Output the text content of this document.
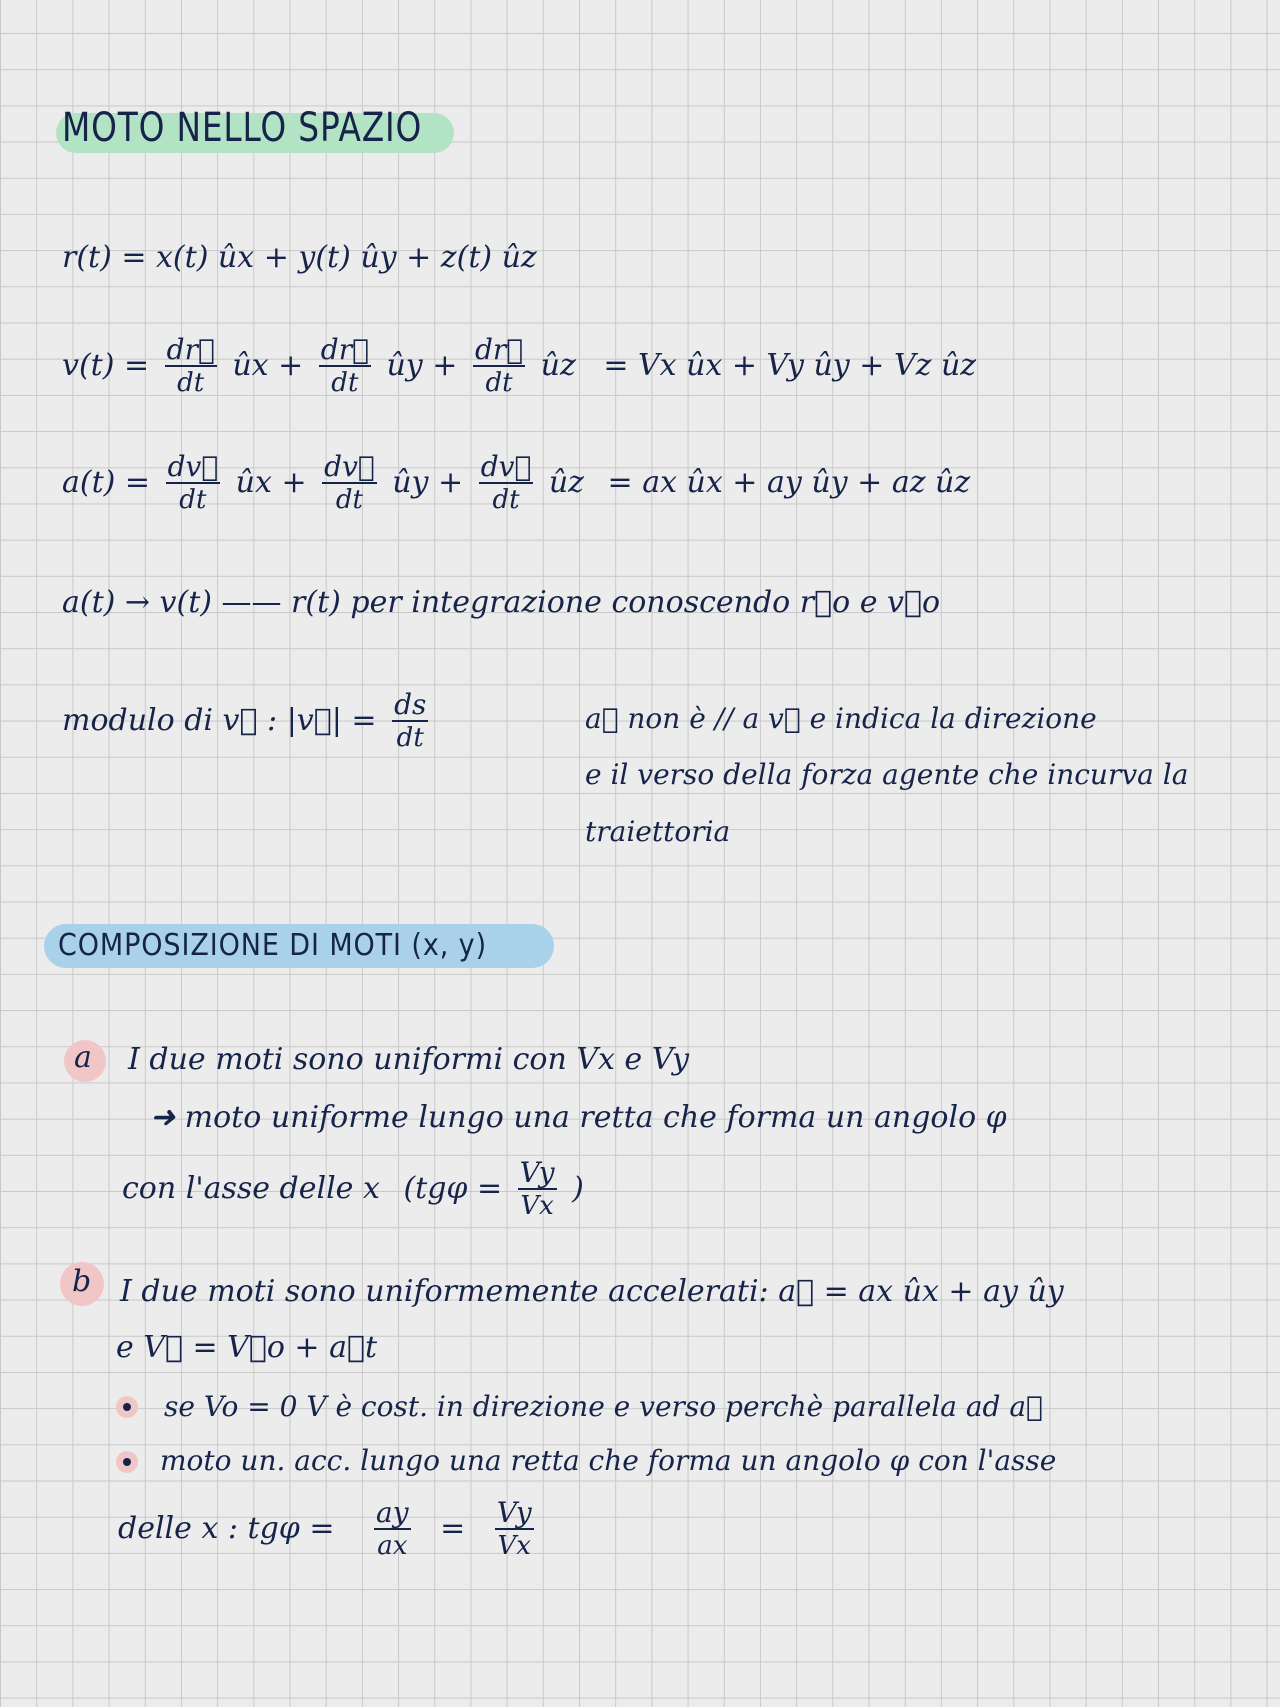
MOTO NELLO SPAZIO
r(t) = x(t) ûx + y(t) ûy + z(t) ûz
$v(t) = \frac{dr⃗}{dt}$ ûx + $\frac{dr⃗}{dt}$ ûy + $\frac{dr⃗}{dt}$ ûz = Vx ûx + Vy ûy + Vz ûz
$a(t) = \frac{dv⃗}{dt}$ ûx + $\frac{dv⃗}{dt}$ ûy + $\frac{dv⃗}{dt}$ ûz = ax ûx + ay ûy + az ûz
a(t) → v(t) —— r(t) per integrazione conoscendo r⃗o e v⃗o
modulo di v⃗ : |v⃗| = $\frac{ds}{dt}$	a⃗ non è // a v⃗ e indica la direzione
e il verso della forza agente che incurva la
traiettoria
COMPOSIZIONE DI MOTI (x, y)
a I due moti sono uniformi con Vx e Vy
➜ moto uniforme lungo una retta che forma un angolo φ
con l'asse delle x ($tg\varphi = \frac{Vy}{Vx}$ )
b I due moti sono uniformemente accelerati: a⃗ = ax ûx + ay ûy
e V⃗ = V⃗o + a⃗t
se Vo = 0 V è cost. in direzione e verso perchè parallela ad a⃗
moto un. acc. lungo una retta che forma un angolo φ con l'asse
delle x : $tg\varphi = \frac{ay}{ax} = \frac{Vy}{Vx}$
